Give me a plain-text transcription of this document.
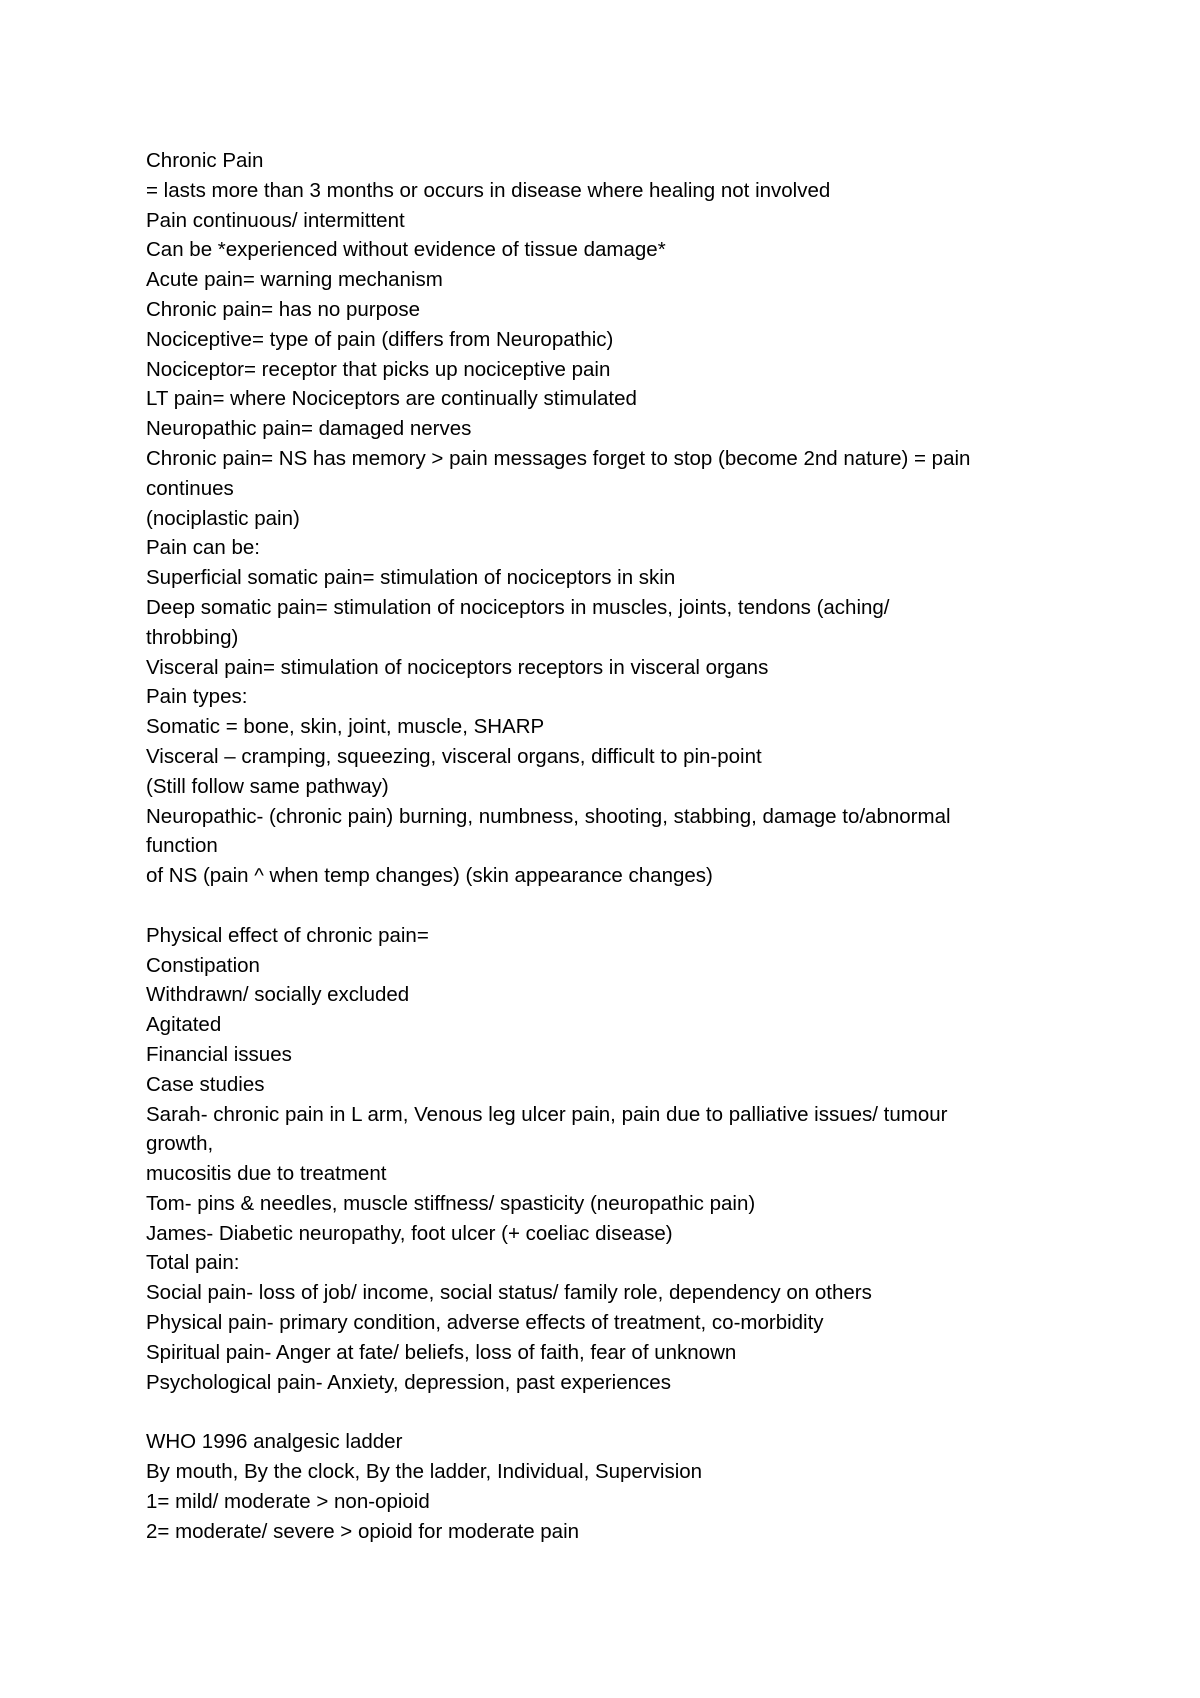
Chronic Pain
= lasts more than 3 months or occurs in disease where healing not involved
Pain continuous/ intermittent
Can be *experienced without evidence of tissue damage*
Acute pain= warning mechanism
Chronic pain= has no purpose
Nociceptive= type of pain (differs from Neuropathic)
Nociceptor= receptor that picks up nociceptive pain
LT pain= where Nociceptors are continually stimulated
Neuropathic pain= damaged nerves
Chronic pain= NS has memory > pain messages forget to stop (become 2nd nature) = pain
continues
(nociplastic pain)
Pain can be:
Superficial somatic pain= stimulation of nociceptors in skin
Deep somatic pain= stimulation of nociceptors in muscles, joints, tendons (aching/
throbbing)
Visceral pain= stimulation of nociceptors receptors in visceral organs
Pain types:
Somatic = bone, skin, joint, muscle, SHARP
Visceral – cramping, squeezing, visceral organs, difficult to pin-point
(Still follow same pathway)
Neuropathic- (chronic pain) burning, numbness, shooting, stabbing, damage to/abnormal
function
of NS (pain ^ when temp changes) (skin appearance changes)
Physical effect of chronic pain=
Constipation
Withdrawn/ socially excluded
Agitated
Financial issues
Case studies
Sarah- chronic pain in L arm, Venous leg ulcer pain, pain due to palliative issues/ tumour
growth,
mucositis due to treatment
Tom- pins & needles, muscle stiffness/ spasticity (neuropathic pain)
James- Diabetic neuropathy, foot ulcer (+ coeliac disease)
Total pain:
Social pain- loss of job/ income, social status/ family role, dependency on others
Physical pain- primary condition, adverse effects of treatment, co-morbidity
Spiritual pain- Anger at fate/ beliefs, loss of faith, fear of unknown
Psychological pain- Anxiety, depression, past experiences
WHO 1996 analgesic ladder
By mouth, By the clock, By the ladder, Individual, Supervision
1= mild/ moderate > non-opioid
2= moderate/ severe > opioid for moderate pain
